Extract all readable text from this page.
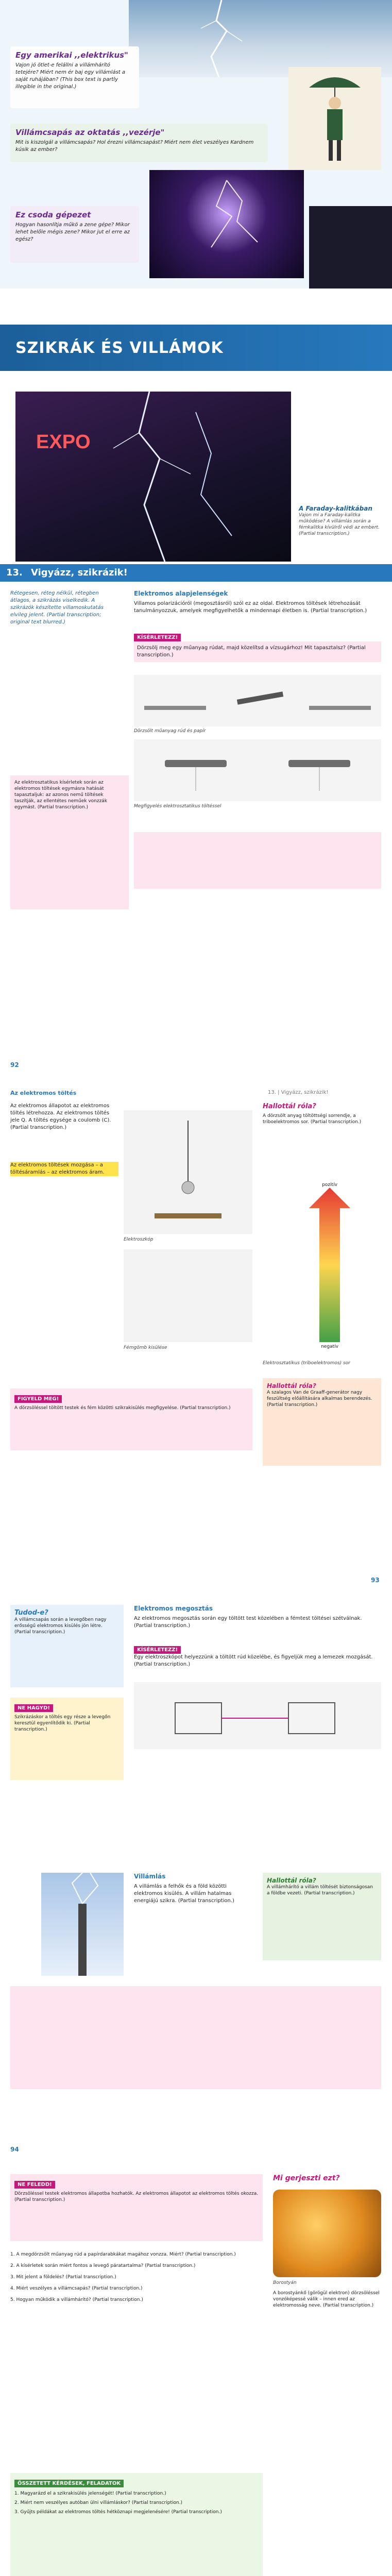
Egy amerikai ,,elektrikus"

Vajon jó ötlet-e felállni a villámhárító tetejére? Miért nem ér baj egy villámlást a saját ruhájában? (This box text is partly illegible in the original.)

Villámcsapás az oktatás ,,vezérje"

Mit is kiszolgál a villámcsapás? Hol érezni villámcsapást? Miért nem élet veszélyes Kardnem kúsik az ember?

Ez csoda gépezet

Hogyan hasonlítja műkö a zene gépe? Mikor lehet belőle mégis zene? Mikor jut el erre az egész?

SZIKRÁK ÉS VILLÁMOK
EXPO
A Faraday-kalitkában
Vajon mi a Faraday-kalitka működése? A villámlás során a fémkalitka kívülről védi az embert. (Partial transcription.)
13. Vigyázz, szikrázik!
Rétegesen, réteg nélkül, rétegben átlagos, a szikrázás viselkedik. A szikrázók készítette villamoskutatás elvileg jelent. (Partial transcription; original text blurred.)
Az elektrosztatikus kísérletek során az elektromos töltések egymásra hatását tapasztaljuk: az azonos nemű töltések taszítják, az ellentétes neműek vonzzák egymást. (Partial transcription.)
Elektromos alapjelenségek
Villamos polarizációról (megosztásról) szól ez az oldal. Elektromos töltések létrehozását tanulmányozzuk, amelyek megfigyelhetők a mindennapi életben is. (Partial transcription.)
KÍSÉRLETEZZ!
Dörzsölj meg egy műanyag rúdat, majd közelítsd a vízsugárhoz! Mit tapasztalsz? (Partial transcription.)
Dörzsölt műanyag rúd és papír
Megfigyelés elektrosztatikus töltéssel
92
Az elektromos töltés	13. | Vigyázz, szikrázik!
Az elektromos állapotot az elektromos töltés létrehozza. Az elektromos töltés jele Q. A töltés egysége a coulomb (C). (Partial transcription.)
Az elektromos töltések mozgása – a töltésáramlás – az elektromos áram.
Elektroszkóp
Fémgömb kisülése
Hallottál róla?
A dörzsölt anyag töltöttségi sorrendje, a triboelektromos sor. (Partial transcription.)
pozitív
negatív
Elektrosztatikus (triboelektromos) sor
Hallottál róla?
A szalagos Van de Graaff-generátor nagy feszültség előállítására alkalmas berendezés. (Partial transcription.)
FIGYELD MEG!
A dörzsöléssel töltött testek és fém közötti szikrakisülés megfigyelése. (Partial transcription.)
93
Tudod-e?
A villámcsapás során a levegőben nagy erősségű elektromos kisülés jön létre. (Partial transcription.)
NE HAGYD!
Szikrázáskor a töltés egy része a levegőn keresztül egyenlítődik ki. (Partial transcription.)
Elektromos megosztás
Az elektromos megosztás során egy töltött test közelében a fémtest töltései szétválnak. (Partial transcription.)
KÍSÉRLETEZZ!
Egy elektroszkópot helyezzünk a töltött rúd közelébe, és figyeljük meg a lemezek mozgását. (Partial transcription.)
Villámlás
A villámlás a felhők és a föld közötti elektromos kisülés. A villám hatalmas energiájú szikra. (Partial transcription.)
Hallottál róla?
A villámhárító a villám töltését biztonságosan a földbe vezeti. (Partial transcription.)
94
NE FELEDD!
Dörzsöléssel testek elektromos állapotba hozhatók. Az elektromos állapotot az elektromos töltés okozza. (Partial transcription.)
1. A megdörzsölt műanyag rúd a papírdarabkákat magához vonzza. Miért? (Partial transcription.)
2. A kísérletek során miért fontos a levegő páratartalma? (Partial transcription.)
3. Mit jelent a földelés? (Partial transcription.)
4. Miért veszélyes a villámcsapás? (Partial transcription.)
5. Hogyan működik a villámhárító? (Partial transcription.)
ÖSSZETETT KÉRDÉSEK, FELADATOK
1. Magyarázd el a szikrakisülés jelenségét! (Partial transcription.)
2. Miért nem veszélyes autóban ülni villámláskor? (Partial transcription.)
3. Gyűjts példákat az elektromos töltés hétköznapi megjelenésére! (Partial transcription.)
Mi gerjeszti ezt?
Borostyán
A borostyánkő (görögül elektron) dörzsöléssel vonzóképessé válik – innen ered az elektromosság neve. (Partial transcription.)
